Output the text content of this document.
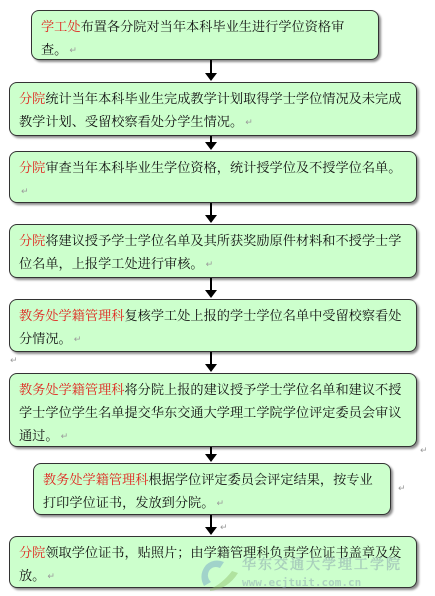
学工处布置各分院对当年本科毕业生进行学位资格审查。 ↵
分院统计当年本科毕业生完成教学计划取得学士学位情况及未完成教学计划、受留校察看处分学生情况。 ↵
分院审查当年本科毕业生学位资格，统计授学位及不授学位名单。↵
分院将建议授予学士学位名单及其所获奖励原件材料和不授学士学位名单，上报学工处进行审核。 ↵
教务处学籍管理科复核学工处上报的学士学位名单中受留校察看处分情况。 ↵
↵
教务处学籍管理科将分院上报的建议授予学士学位名单和建议不授学士学位学生名单提交华东交通大学理工学院学位评定委员会审议通过。 ↵
↵
教务处学籍管理科根据学位评定委员会评定结果，按专业打印学位证书，发放到分院。 ↵
↵
↵
分院领取学位证书，贴照片；由学籍管理科负责学位证书盖章及发放。 ↵
华东交通大学理工学院
www.ecjtuit.com.cn
